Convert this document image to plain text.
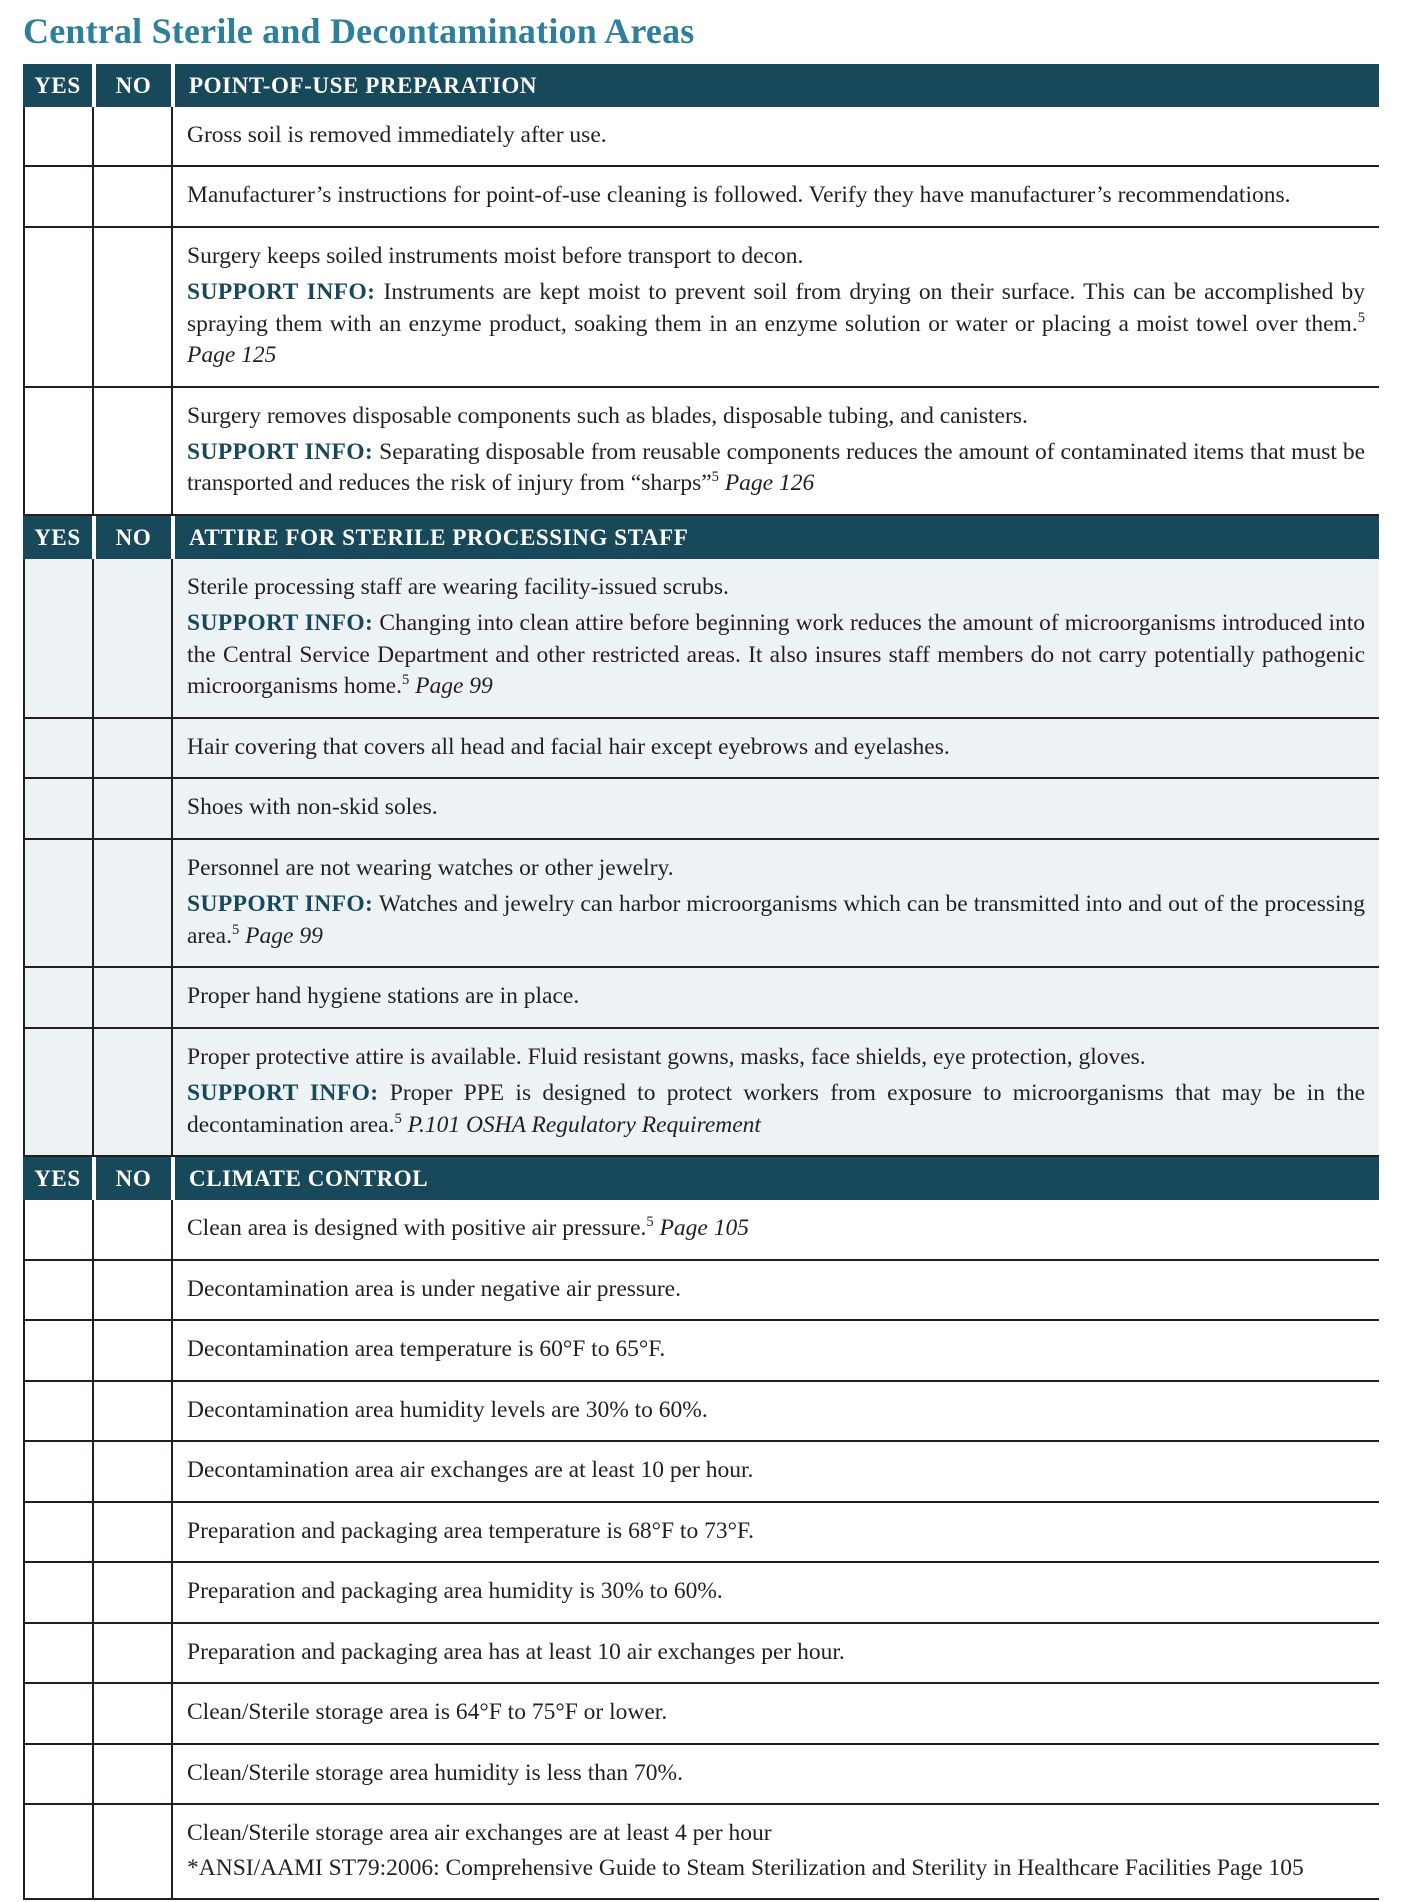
Central Sterile and Decontamination Areas
YES	NO	POINT-OF-USE PREPARATION

Gross soil is removed immediately after use.

Manufacturer’s instructions for point-of-use cleaning is followed. Verify they have manufacturer’s recommendations.

Surgery keeps soiled instruments moist before transport to decon.

SUPPORT INFO: Instruments are kept moist to prevent soil from drying on their surface. This can be accomplished by spraying them with an enzyme product, soaking them in an enzyme solution or water or placing a moist towel over them.$^5$ Page 125

Surgery removes disposable components such as blades, disposable tubing, and canisters.

SUPPORT INFO: Separating disposable from reusable components reduces the amount of contaminated items that must be transported and reduces the risk of injury from “sharps”$^5$ Page 126

YES	NO	ATTIRE FOR STERILE PROCESSING STAFF

Sterile processing staff are wearing facility-issued scrubs.

SUPPORT INFO: Changing into clean attire before beginning work reduces the amount of microorganisms introduced into the Central Service Department and other restricted areas. It also insures staff members do not carry potentially pathogenic microorganisms home.$^5$ Page 99

Hair covering that covers all head and facial hair except eyebrows and eyelashes.

Shoes with non-skid soles.

Personnel are not wearing watches or other jewelry.

SUPPORT INFO: Watches and jewelry can harbor microorganisms which can be transmitted into and out of the processing area.$^5$ Page 99

Proper hand hygiene stations are in place.

Proper protective attire is available. Fluid resistant gowns, masks, face shields, eye protection, gloves.

SUPPORT INFO: Proper PPE is designed to protect workers from exposure to microorganisms that may be in the decontamination area.$^5$ P.101 OSHA Regulatory Requirement

YES	NO	CLIMATE CONTROL

Clean area is designed with positive air pressure.$^5$ Page 105

Decontamination area is under negative air pressure.

Decontamination area temperature is 60°F to 65°F.

Decontamination area humidity levels are 30% to 60%.

Decontamination area air exchanges are at least 10 per hour.

Preparation and packaging area temperature is 68°F to 73°F.

Preparation and packaging area humidity is 30% to 60%.

Preparation and packaging area has at least 10 air exchanges per hour.

Clean/Sterile storage area is 64°F to 75°F or lower.

Clean/Sterile storage area humidity is less than 70%.

Clean/Sterile storage area air exchanges are at least 4 per hour

*ANSI/AAMI ST79:2006: Comprehensive Guide to Steam Sterilization and Sterility in Healthcare Facilities Page 105
